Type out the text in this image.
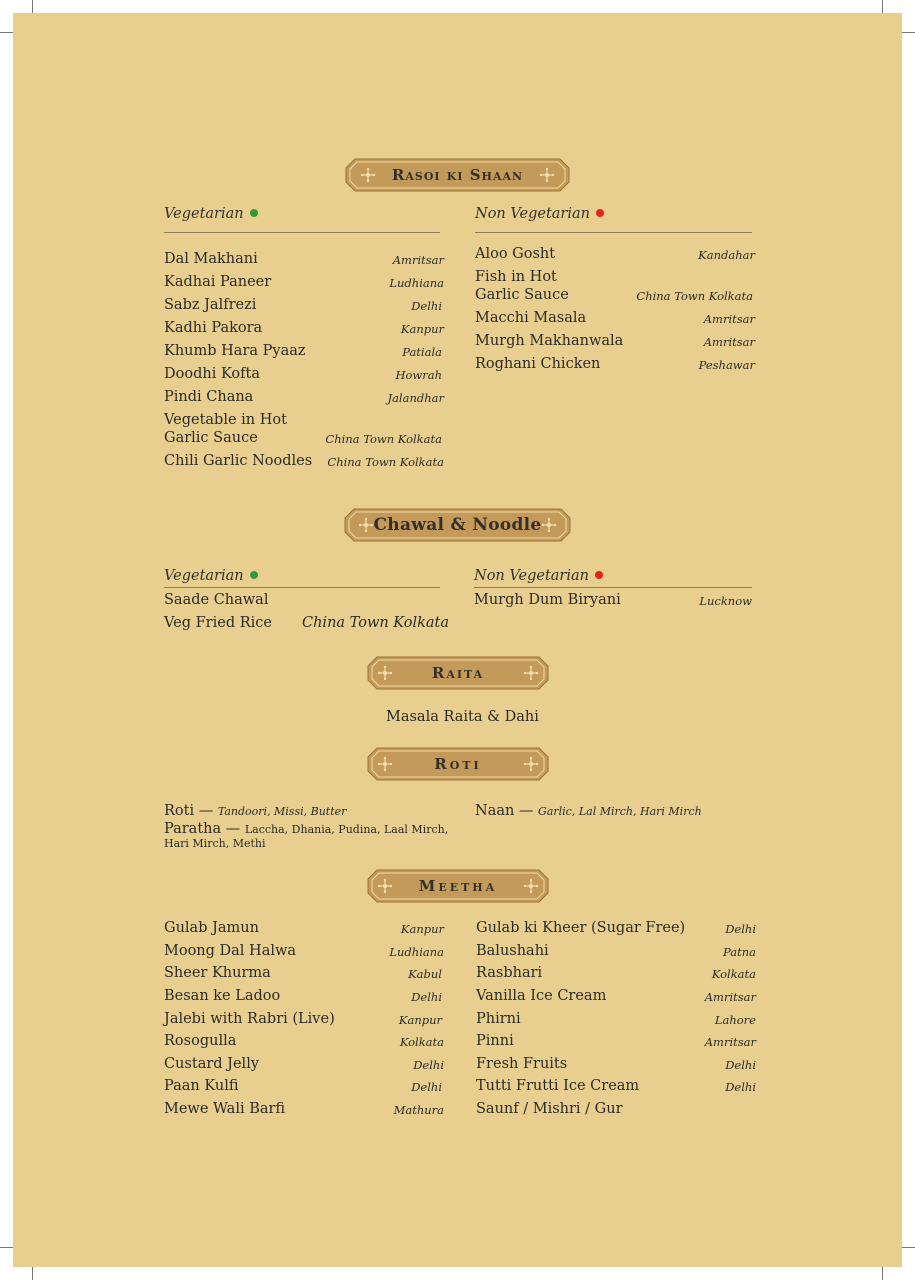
Rasoi ki Shaan
Vegetarian	Non Vegetarian
Dal Makhani	Amritsar
Kadhai Paneer	Ludhiana
Sabz Jalfrezi	Delhi
Kadhi Pakora	Kanpur
Khumb Hara Pyaaz	Patiala
Doodhi Kofta	Howrah
Pindi Chana	Jalandhar
Vegetable in Hot
Garlic Sauce	China Town Kolkata
Chili Garlic Noodles China Town Kolkata
Aloo Gosht	Kandahar
Fish in Hot
Garlic Sauce	China Town Kolkata
Macchi Masala	Amritsar
Murgh Makhanwala	Amritsar
Roghani Chicken	Peshawar
Chawal & Noodle
Vegetarian	Non Vegetarian
Saade Chawal
Veg Fried Rice China Town Kolkata
Murgh Dum Biryani	Lucknow
Raita
Masala Raita & Dahi
Roti
Roti — Tandoori, Missi, Butter
Paratha — Laccha, Dhania, Pudina, Laal Mirch,
Hari Mirch, Methi
Naan — Garlic, Lal Mirch, Hari Mirch
Meetha
Gulab Jamun	Kanpur
Moong Dal Halwa	Ludhiana
Sheer Khurma	Kabul
Besan ke Ladoo	Delhi
Jalebi with Rabri (Live)	Kanpur
Rosogulla	Kolkata
Custard Jelly	Delhi
Paan Kulfi	Delhi
Mewe Wali Barfi	Mathura
Gulab ki Kheer (Sugar Free)	Delhi
Balushahi	Patna
Rasbhari	Kolkata
Vanilla Ice Cream	Amritsar
Phirni	Lahore
Pinni	Amritsar
Fresh Fruits	Delhi
Tutti Frutti Ice Cream	Delhi
Saunf / Mishri / Gur
